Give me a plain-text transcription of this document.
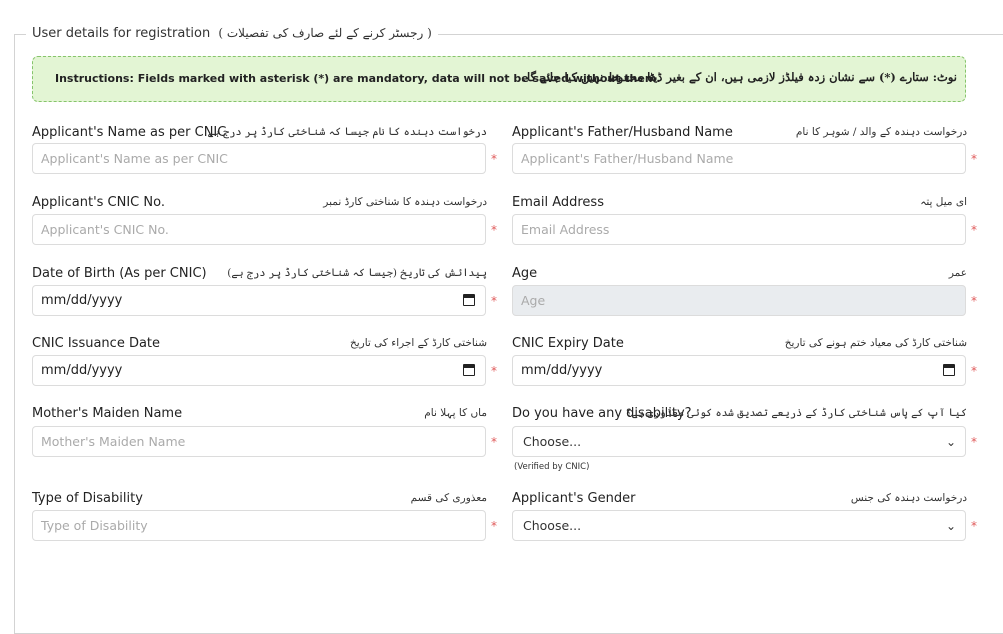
User details for registration ( رجسٹر کرنے کے لئے صارف کی تفصیلات )
Instructions: Fields marked with asterisk (*) are mandatory, data will not be saved without them.
نوٹ: ستارے (*) سے نشان زدہ فیلڈز لازمی ہیں، ان کے بغیر ڈیٹا محفوظ نہیں کیا جائے گا۔
Applicant's Name as per CNIC
درخواست دہندہ کا نام جیسا کہ شناختی کارڈ پر درج ہے
Applicant's Name as per CNIC	*
Applicant's Father/Husband Name	درخواست دہندہ کے والد / شوہر کا نام
Applicant's Father/Husband Name	*
Applicant's CNIC No.	درخواست دہندہ کا شناختی کارڈ نمبر
Applicant's CNIC No.	*
Email Address	ای میل پتہ
Email Address	*
Date of Birth (As per CNIC) پیدائش کی تاریخ (جیسا کہ شناختی کارڈ پر درج ہے)
mm/dd/yyyy	*
Age	عمر
Age	*
CNIC Issuance Date	شناختی کارڈ کے اجراء کی تاریخ
mm/dd/yyyy	*
CNIC Expiry Date	شناختی کارڈ کی معیاد ختم ہونے کی تاریخ
mm/dd/yyyy	*
Mother's Maiden Name	ماں کا پہلا نام
Mother's Maiden Name	*
Do you have any disability?
کیا آپ کے پاس شناختی کارڈ کے ذریعے تصدیق شدہ کوئی معذوری ہے؟
Choose...	⌄ *
(Verified by CNIC)
Type of Disability	معذوری کی قسم
Type of Disability	*
Applicant's Gender	درخواست دہندہ کی جنس
Choose...	⌄ *
